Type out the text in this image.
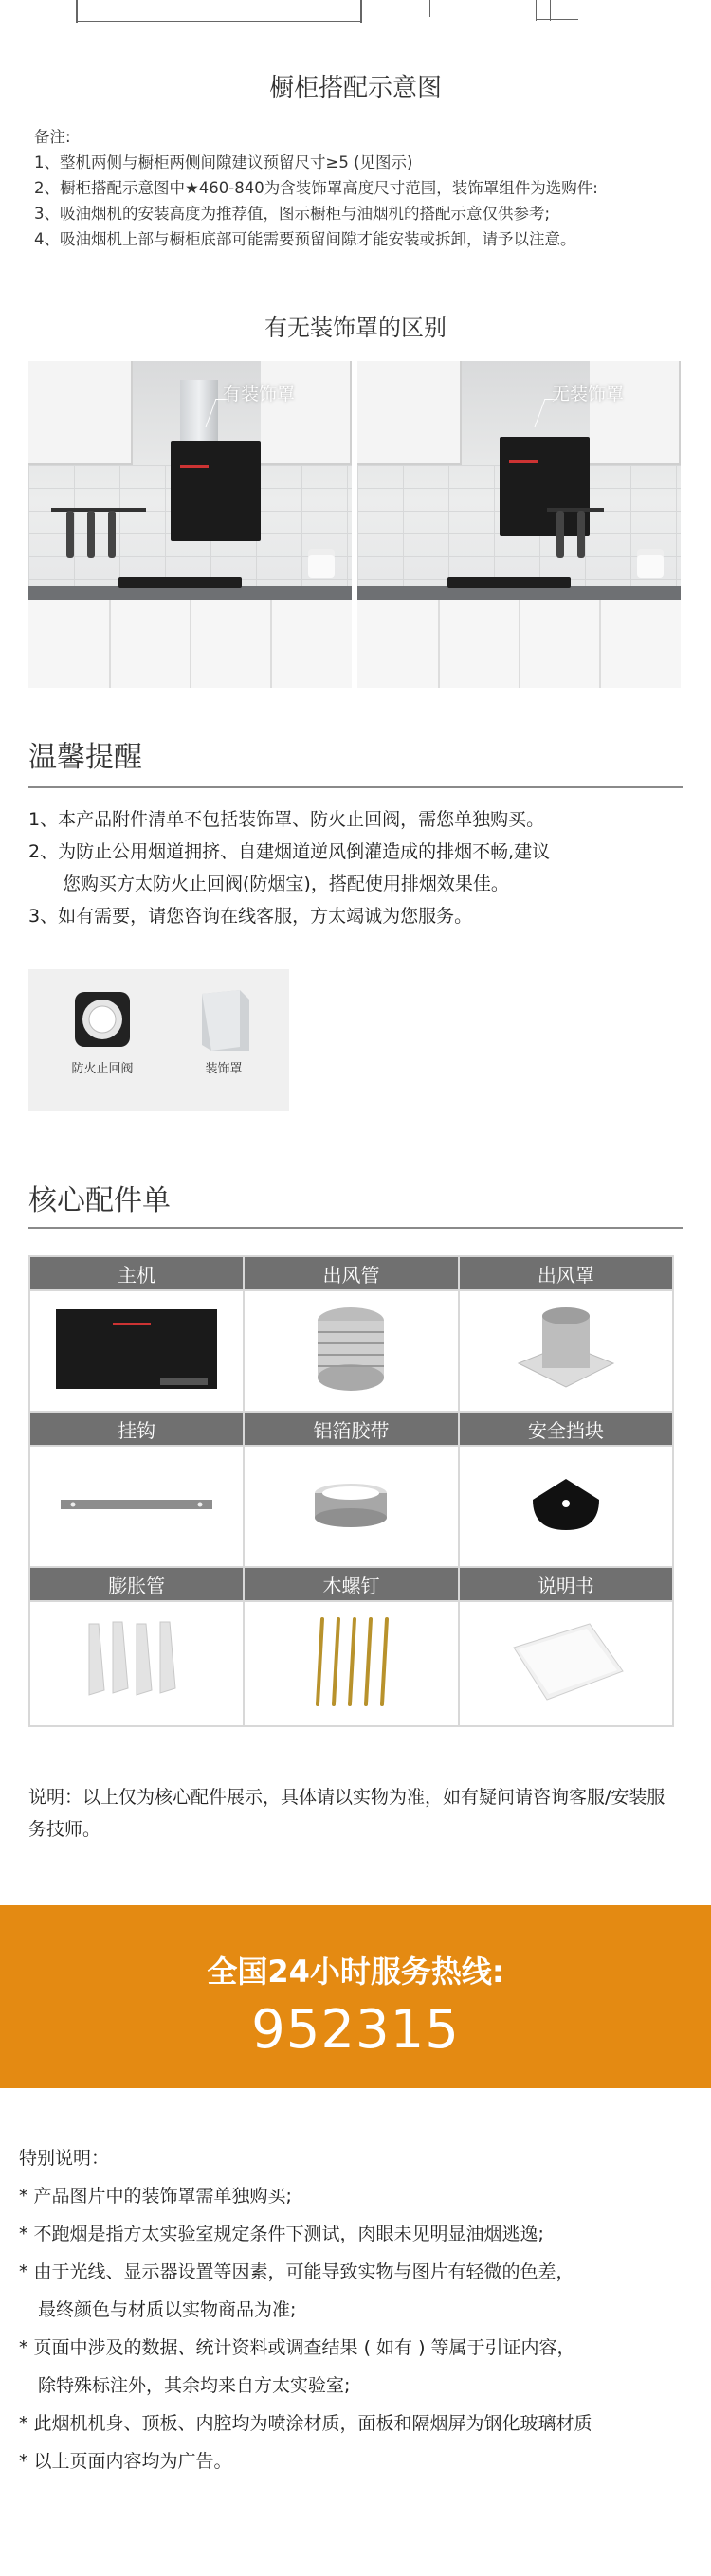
橱柜搭配示意图
备注:
1、整机两侧与橱柜两侧间隙建议预留尺寸≥5 (见图示)
2、橱柜搭配示意图中★460-840为含装饰罩高度尺寸范围，装饰罩组件为选购件:
3、吸油烟机的安装高度为推荐值，图示橱柜与油烟机的搭配示意仅供参考;
4、吸油烟机上部与橱柜底部可能需要预留间隙才能安装或拆卸，请予以注意。
有无装饰罩的区别
有装饰罩	无装饰罩
温馨提醒
1、本产品附件清单不包括装饰罩、防火止回阀，需您单独购买。
2、为防止公用烟道拥挤、自建烟道逆风倒灌造成的排烟不畅,建议
您购买方太防火止回阀(防烟宝)，搭配使用排烟效果佳。
3、如有需要，请您咨询在线客服，方太竭诚为您服务。
防火止回阀	装饰罩
核心配件单
主机	出风管	出风罩

挂钩	铝箔胶带	安全挡块

膨胀管	木螺钉	说明书

说明：以上仅为核心配件展示，具体请以实物为准，如有疑问请咨询客服/安装服务技师。
全国24小时服务热线:
952315
特别说明：
* 产品图片中的装饰罩需单独购买;
* 不跑烟是指方太实验室规定条件下测试，肉眼未见明显油烟逃逸;
* 由于光线、显示器设置等因素，可能导致实物与图片有轻微的色差，
最终颜色与材质以实物商品为准;
* 页面中涉及的数据、统计资料或调查结果 ( 如有 ) 等属于引证内容，
除特殊标注外，其余均来自方太实验室;
* 此烟机机身、顶板、内腔均为喷涂材质，面板和隔烟屏为钢化玻璃材质
* 以上页面内容均为广告。
